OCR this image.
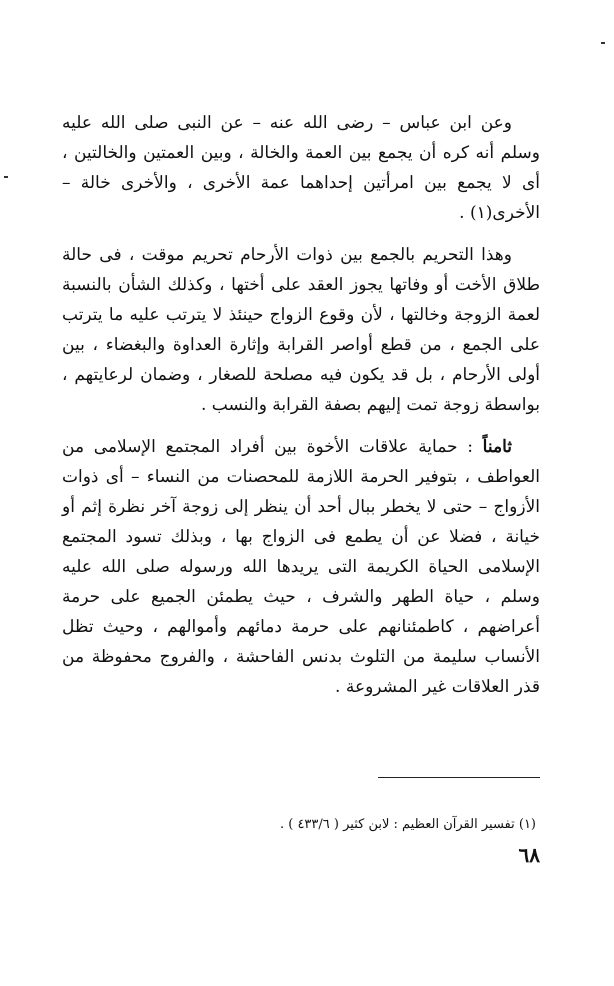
وعن ابن عباس – رضى الله عنه – عن النبى صلى الله عليه وسلم أنه كره أن يجمع بين العمة والخالة ، وبين العمتين والخالتين ، أى لا يجمع بين امرأتين إحداهما عمة الأخرى ، والأخرى خالة – الأخرى(١) .

وهذا التحريم بالجمع بين ذوات الأرحام تحريم موقت ، فى حالة طلاق الأخت أو وفاتها يجوز العقد على أختها ، وكذلك الشأن بالنسبة لعمة الزوجة وخالتها ، لأن وقوع الزواج حينئذ لا يترتب عليه ما يترتب على الجمع ، من قطع أواصر القرابة وإثارة العداوة والبغضاء ، بين أولى الأرحام ، بل قد يكون فيه مصلحة للصغار ، وضمان لرعايتهم ، بواسطة زوجة تمت إليهم بصفة القرابة والنسب .

ثامناً : حماية علاقات الأخوة بين أفراد المجتمع الإسلامى من العواطف ، بتوفير الحرمة اللازمة للمحصنات من النساء – أى ذوات الأزواج – حتى لا يخطر ببال أحد أن ينظر إلى زوجة آخر نظرة إثم أو خيانة ، فضلا عن أن يطمع فى الزواج بها ، وبذلك تسود المجتمع الإسلامى الحياة الكريمة التى يريدها الله ورسوله صلى الله عليه وسلم ، حياة الطهر والشرف ، حيث يطمئن الجميع على حرمة أعراضهم ، كاطمئنانهم على حرمة دمائهم وأموالهم ، وحيث تظل الأنساب سليمة من التلوث بدنس الفاحشة ، والفروج محفوظة من قذر العلاقات غير المشروعة .

(١) تفسير القرآن العظيم : لابن كثير ( ٤٣٣/٦ ) .
٦٨
